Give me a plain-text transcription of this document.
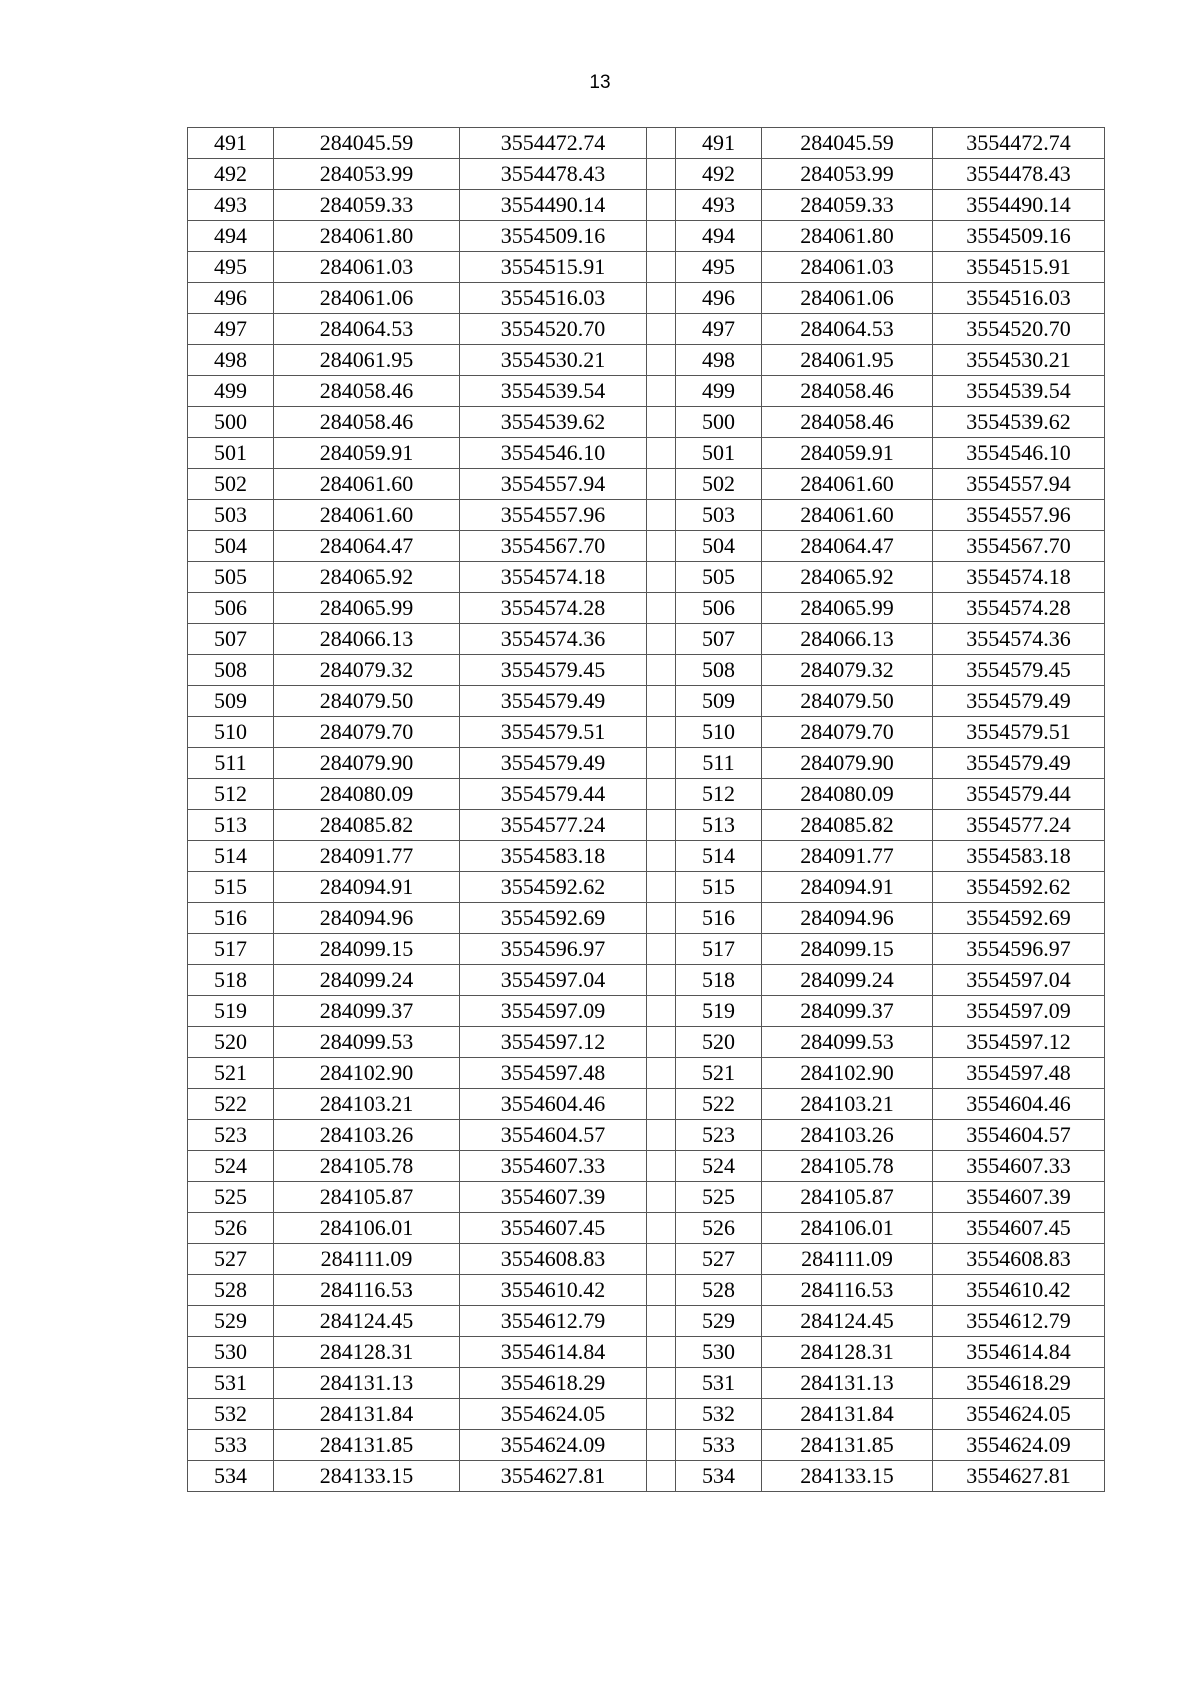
13
491	284045.59	3554472.74		491	284045.59	3554472.74
492	284053.99	3554478.43		492	284053.99	3554478.43
493	284059.33	3554490.14		493	284059.33	3554490.14
494	284061.80	3554509.16		494	284061.80	3554509.16
495	284061.03	3554515.91		495	284061.03	3554515.91
496	284061.06	3554516.03		496	284061.06	3554516.03
497	284064.53	3554520.70		497	284064.53	3554520.70
498	284061.95	3554530.21		498	284061.95	3554530.21
499	284058.46	3554539.54		499	284058.46	3554539.54
500	284058.46	3554539.62		500	284058.46	3554539.62
501	284059.91	3554546.10		501	284059.91	3554546.10
502	284061.60	3554557.94		502	284061.60	3554557.94
503	284061.60	3554557.96		503	284061.60	3554557.96
504	284064.47	3554567.70		504	284064.47	3554567.70
505	284065.92	3554574.18		505	284065.92	3554574.18
506	284065.99	3554574.28		506	284065.99	3554574.28
507	284066.13	3554574.36		507	284066.13	3554574.36
508	284079.32	3554579.45		508	284079.32	3554579.45
509	284079.50	3554579.49		509	284079.50	3554579.49
510	284079.70	3554579.51		510	284079.70	3554579.51
511	284079.90	3554579.49		511	284079.90	3554579.49
512	284080.09	3554579.44		512	284080.09	3554579.44
513	284085.82	3554577.24		513	284085.82	3554577.24
514	284091.77	3554583.18		514	284091.77	3554583.18
515	284094.91	3554592.62		515	284094.91	3554592.62
516	284094.96	3554592.69		516	284094.96	3554592.69
517	284099.15	3554596.97		517	284099.15	3554596.97
518	284099.24	3554597.04		518	284099.24	3554597.04
519	284099.37	3554597.09		519	284099.37	3554597.09
520	284099.53	3554597.12		520	284099.53	3554597.12
521	284102.90	3554597.48		521	284102.90	3554597.48
522	284103.21	3554604.46		522	284103.21	3554604.46
523	284103.26	3554604.57		523	284103.26	3554604.57
524	284105.78	3554607.33		524	284105.78	3554607.33
525	284105.87	3554607.39		525	284105.87	3554607.39
526	284106.01	3554607.45		526	284106.01	3554607.45
527	284111.09	3554608.83		527	284111.09	3554608.83
528	284116.53	3554610.42		528	284116.53	3554610.42
529	284124.45	3554612.79		529	284124.45	3554612.79
530	284128.31	3554614.84		530	284128.31	3554614.84
531	284131.13	3554618.29		531	284131.13	3554618.29
532	284131.84	3554624.05		532	284131.84	3554624.05
533	284131.85	3554624.09		533	284131.85	3554624.09
534	284133.15	3554627.81		534	284133.15	3554627.81
